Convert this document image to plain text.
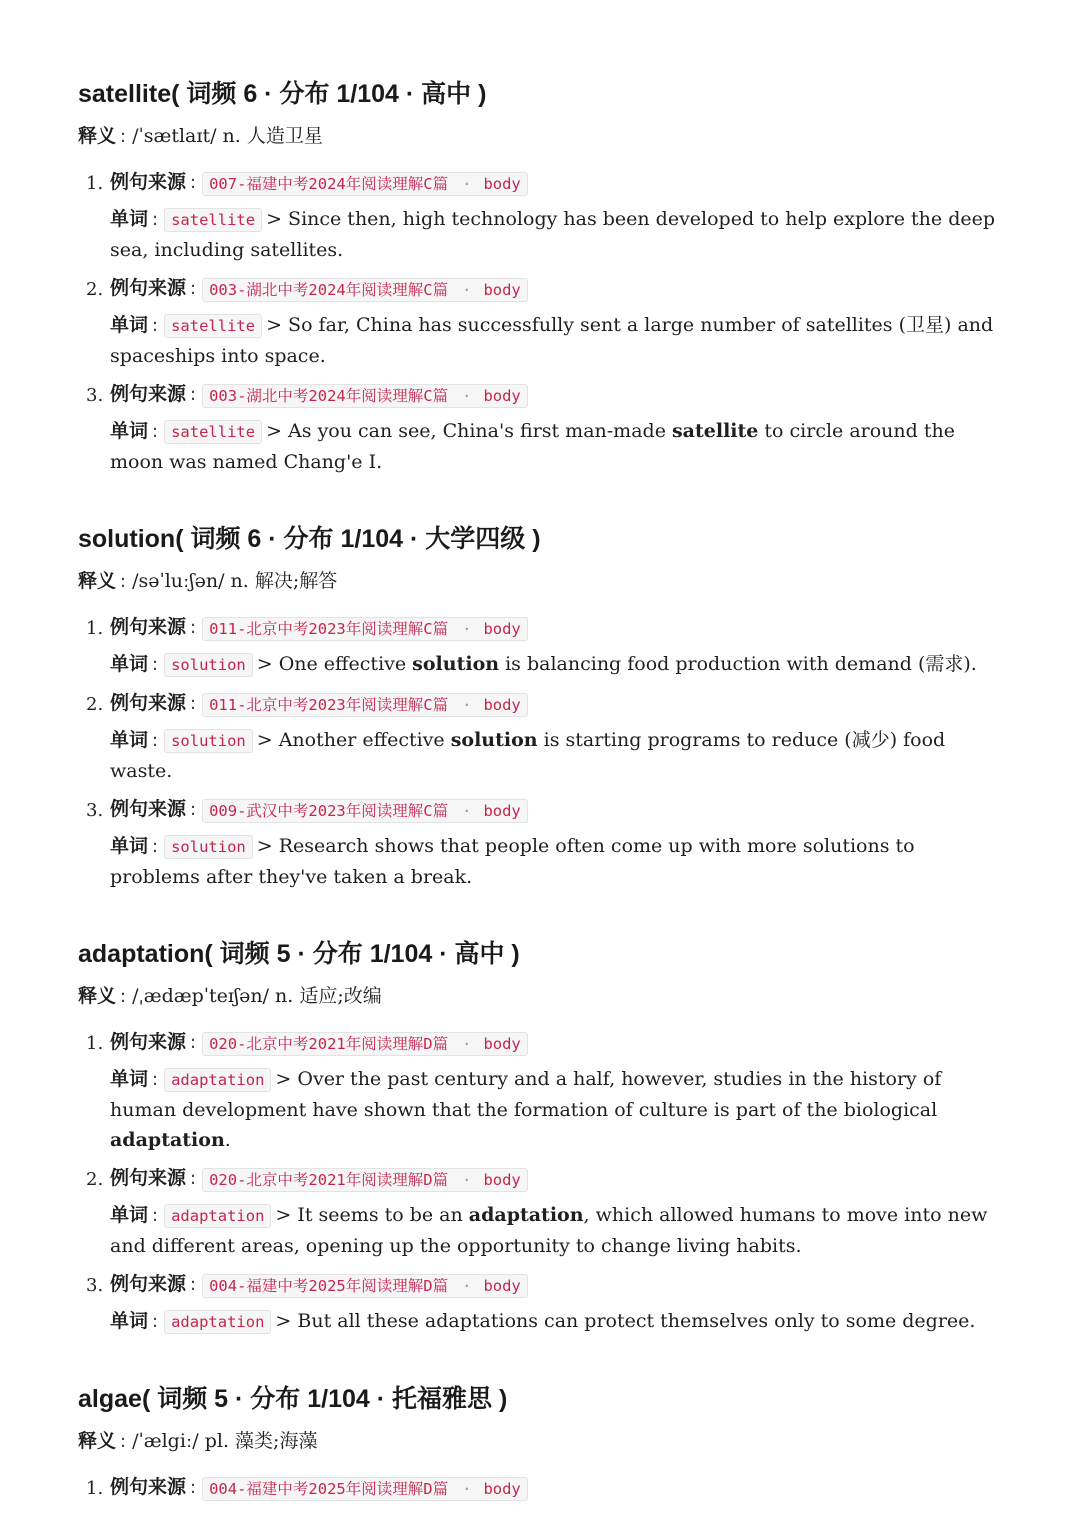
satellite( 词频 6 · 分布 1/104 · 高中 )
释义 : /ˈsætlaɪt/ n. 人造卫星
1. 例句来源 : 007-福建中考2024年阅读理解C篇 · body
单词 : satellite > Since then, high technology has been developed to help explore the deep sea, including satellites.
2. 例句来源 : 003-湖北中考2024年阅读理解C篇 · body
单词 : satellite > So far, China has successfully sent a large number of satellites (卫星) and spaceships into space.
3. 例句来源 : 003-湖北中考2024年阅读理解C篇 · body
单词 : satellite > As you can see, China's first man-made satellite to circle around the moon was named Chang'e I.
solution( 词频 6 · 分布 1/104 · 大学四级 )
释义 : /səˈluːʃən/ n. 解决;解答
1. 例句来源 : 011-北京中考2023年阅读理解C篇 · body
单词 : solution > One effective solution is balancing food production with demand (需求).
2. 例句来源 : 011-北京中考2023年阅读理解C篇 · body
单词 : solution > Another effective solution is starting programs to reduce (减少) food waste.
3. 例句来源 : 009-武汉中考2023年阅读理解C篇 · body
单词 : solution > Research shows that people often come up with more solutions to problems after they've taken a break.
adaptation( 词频 5 · 分布 1/104 · 高中 )
释义 : /ˌædæpˈteɪʃən/ n. 适应;改编
1. 例句来源 : 020-北京中考2021年阅读理解D篇 · body
单词 : adaptation > Over the past century and a half, however, studies in the history of human development have shown that the formation of culture is part of the biological adaptation.
2. 例句来源 : 020-北京中考2021年阅读理解D篇 · body
单词 : adaptation > It seems to be an adaptation, which allowed humans to move into new and different areas, opening up the opportunity to change living habits.
3. 例句来源 : 004-福建中考2025年阅读理解D篇 · body
单词 : adaptation > But all these adaptations can protect themselves only to some degree.
algae( 词频 5 · 分布 1/104 · 托福雅思 )
释义 : /ˈælgiː/ pl. 藻类;海藻
1. 例句来源 : 004-福建中考2025年阅读理解D篇 · body
